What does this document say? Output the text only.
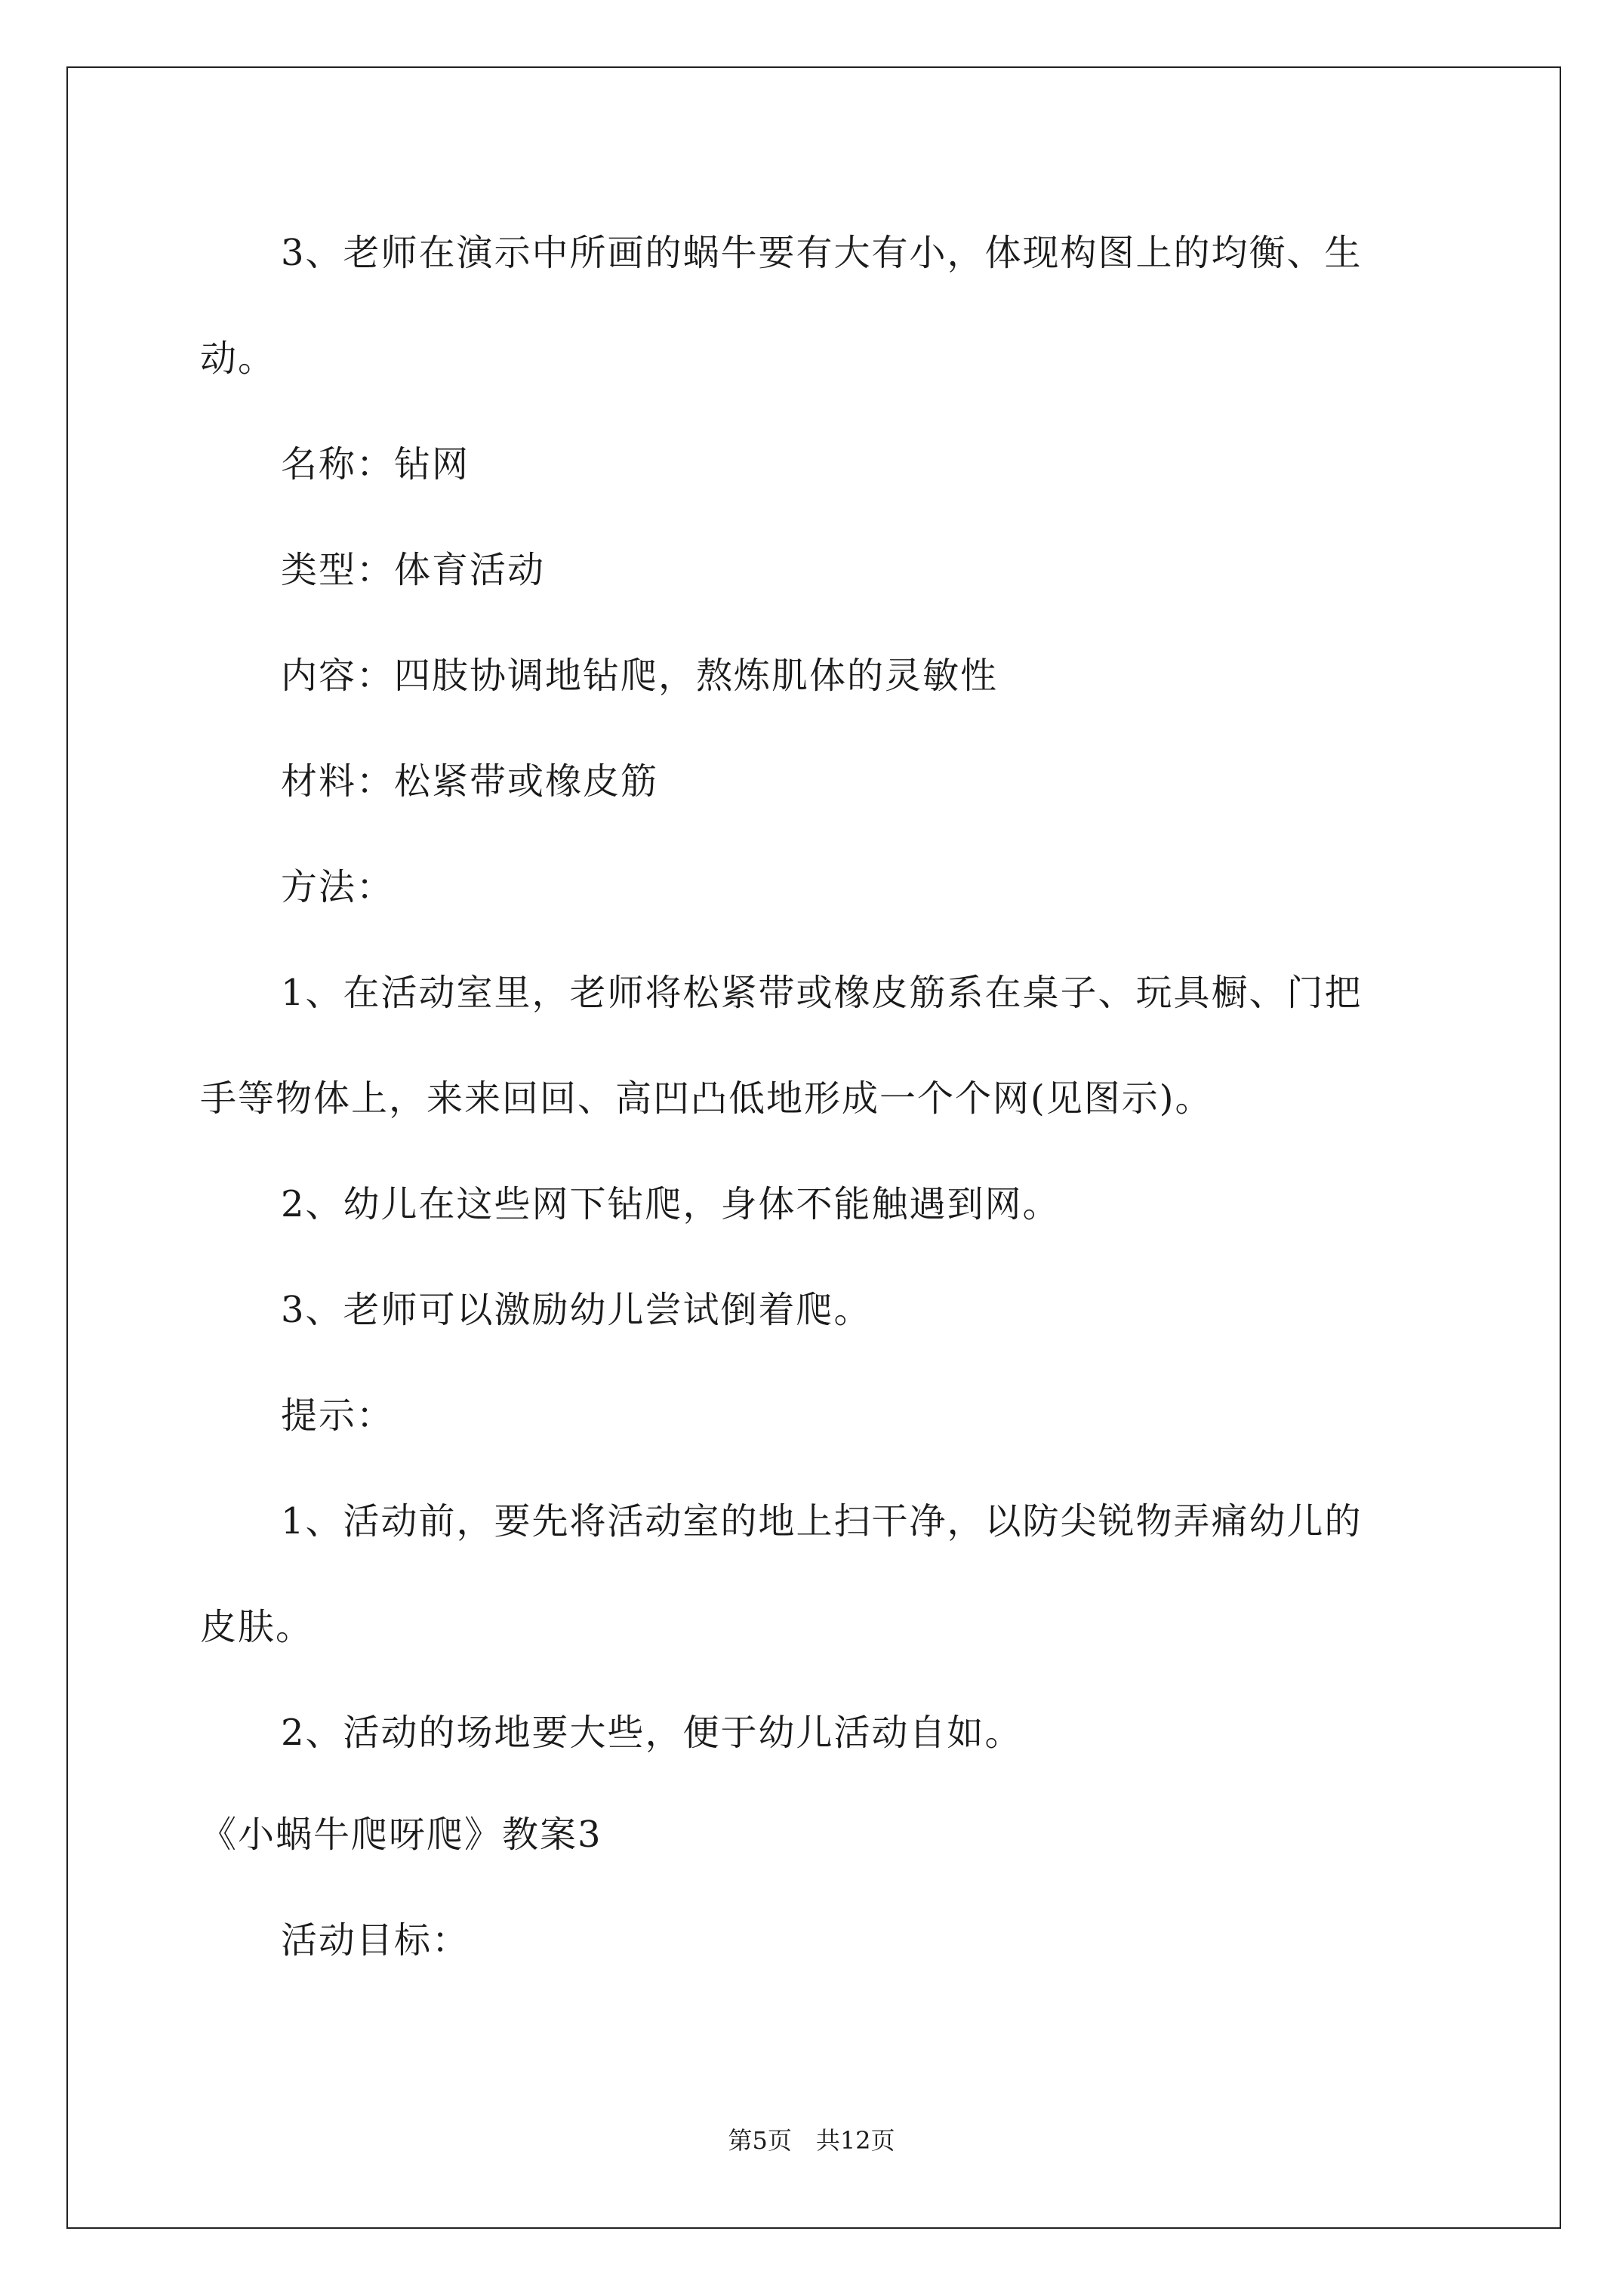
3、老师在演示中所画的蜗牛要有大有小，体现构图上的均衡、生
动。
名称：钻网
类型：体育活动
内容：四肢协调地钻爬，熬炼肌体的灵敏性
材料：松紧带或橡皮筋
方法：
1、在活动室里，老师将松紧带或橡皮筋系在桌子、玩具橱、门把
手等物体上，来来回回、高凹凸低地形成一个个网(见图示)。
2、幼儿在这些网下钻爬，身体不能触遇到网。
3、老师可以激励幼儿尝试倒着爬。
提示：
1、活动前，要先将活动室的地上扫干净，以防尖锐物弄痛幼儿的
皮肤。
2、活动的场地要大些，便于幼儿活动自如。
《小蜗牛爬呀爬》教案3
活动目标：
第5页　共12页
